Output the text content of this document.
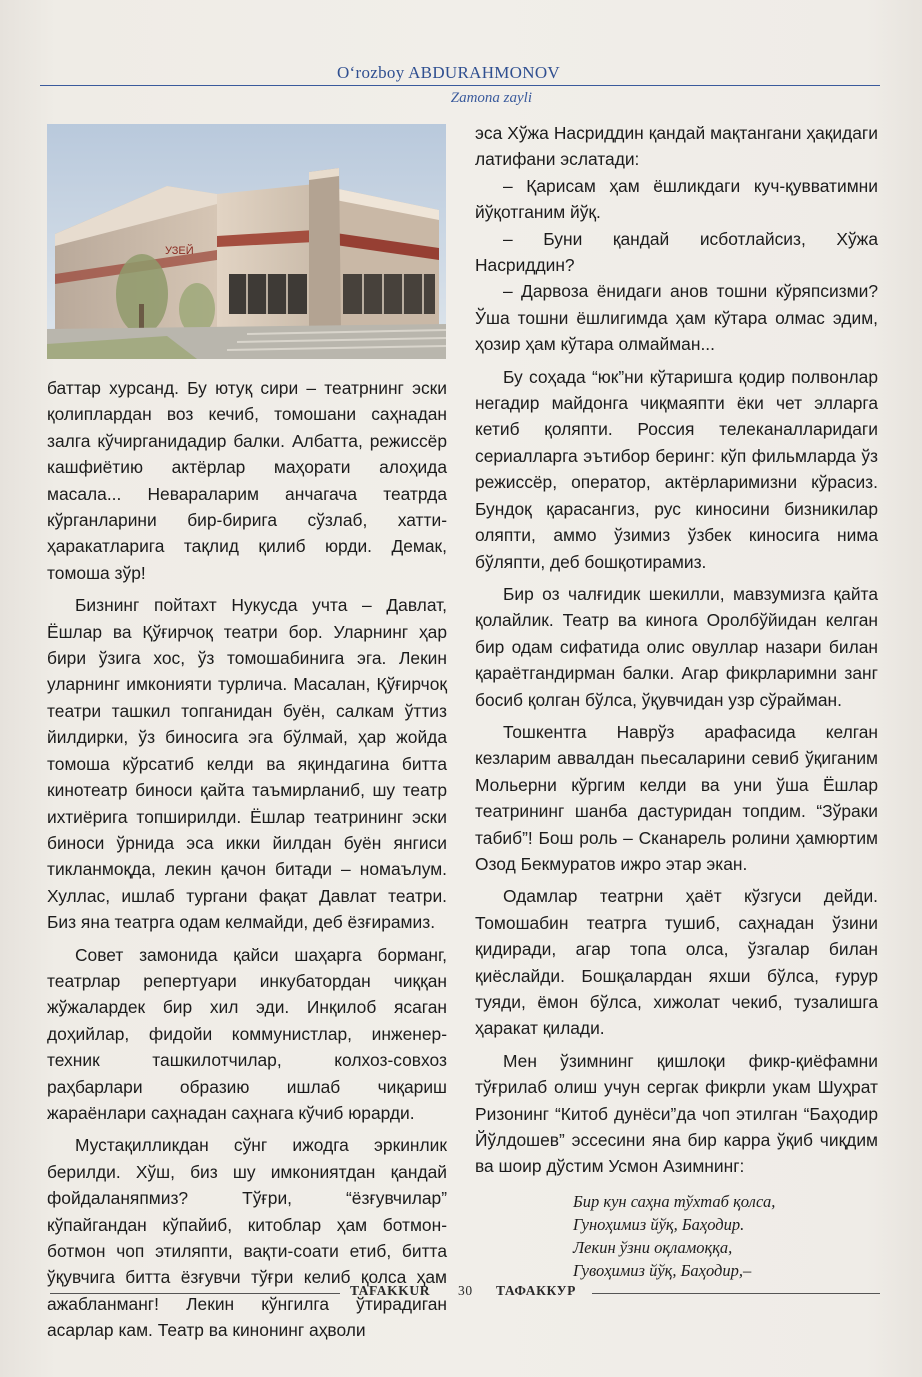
O‘rozboy ABDURAHMONOV
Zamona zayli
УЗЕЙ

баттар хурсанд. Бу ютуқ сири – театрнинг эски қолиплардан воз кечиб, томошани саҳнадан залга кўчирганидадир балки. Албатта, режиссёр кашфиётию актёрлар маҳорати алоҳида масала... Невараларим анчагача театрда кўрганларини бир-бирига сўзлаб, хатти-ҳаракатларига тақлид қилиб юрди. Демак, томоша зўр!

Бизнинг пойтахт Нукусда учта – Давлат, Ёшлар ва Қўғирчоқ театри бор. Уларнинг ҳар бири ўзига хос, ўз томошабинига эга. Лекин уларнинг имконияти турлича. Масалан, Қўғирчоқ театри ташкил топганидан буён, салкам ўттиз йилдирки, ўз биносига эга бўлмай, ҳар жойда томоша кўрсатиб келди ва яқиндагина битта кинотеатр биноси қайта таъмирланиб, шу театр ихтиёрига топширилди. Ёшлар театрининг эски биноси ўрнида эса икки йилдан буён янгиси тикланмоқда, лекин қачон битади – номаълум. Хуллас, ишлаб тургани фақат Давлат театри. Биз яна театрга одам келмайди, деб ёзғирамиз.

Совет замонида қайси шаҳарга борманг, театрлар репертуари инкубатордан чиққан жўжалардек бир хил эди. Инқилоб ясаган доҳийлар, фидойи коммунистлар, инженер-техник ташкилотчилар, колхоз-совхоз раҳбарлари образию ишлаб чиқариш жараёнлари саҳнадан саҳнага кўчиб юрарди.

Мустақилликдан сўнг ижодга эркинлик берилди. Хўш, биз шу имкониятдан қандай фойдаланяпмиз? Тўғри, “ёзғувчилар” кўпайгандан кўпайиб, китоблар ҳам ботмон-ботмон чоп этиляпти, вақти-соати етиб, битта ўқувчига битта ёзғувчи тўғри келиб қолса ҳам ажабланманг! Лекин кўнгилга ўтирадиган асарлар кам. Театр ва кинонинг аҳволи

эса Хўжа Насриддин қандай мақтангани ҳақидаги латифани эслатади:

– Қарисам ҳам ёшликдаги куч-қувватимни йўқотганим йўқ.

– Буни қандай исботлайсиз, Хўжа Насриддин?

– Дарвоза ёнидаги анов тошни кўряпсизми? Ўша тошни ёшлигимда ҳам кўтара олмас эдим, ҳозир ҳам кўтара олмайман...

Бу соҳада “юк”ни кўтаришга қодир полвонлар негадир майдонга чиқмаяпти ёки чет элларга кетиб қоляпти. Россия телеканалларидаги сериалларга эътибор беринг: кўп фильмларда ўз режиссёр, оператор, актёрларимизни кўрасиз. Бундоқ қарасангиз, рус киносини бизникилар оляпти, аммо ўзимиз ўзбек киносига нима бўляпти, деб бошқотирамиз.

Бир оз чалғидик шекилли, мавзумизга қайта қолайлик. Театр ва кинога Оролбўйидан келган бир одам сифатида олис овуллар назари билан қараётгандирман балки. Агар фикрларимни занг босиб қолган бўлса, ўқувчидан узр сўрайман.

Тошкентга Наврўз арафасида келган кезларим аввалдан пьесаларини севиб ўқиганим Мольерни кўргим келди ва уни ўша Ёшлар театрининг шанба дастуридан топдим. “Зўраки табиб”! Бош роль – Сканарель ролини ҳамюртим Озод Бекмуратов ижро этар экан.

Одамлар театрни ҳаёт кўзгуси дейди. Томошабин театрга тушиб, саҳнадан ўзини қидиради, агар топа олса, ўзгалар билан қиёслайди. Бошқалардан яхши бўлса, ғурур туяди, ёмон бўлса, хижолат чекиб, тузалишга ҳаракат қилади.

Мен ўзимнинг қишлоқи фикр-қиёфамни тўғрилаб олиш учун сергак фикрли укам Шуҳрат Ризонинг “Китоб дунёси”да чоп этилган “Баҳодир Йўлдошев” эссесини яна бир карра ўқиб чиқдим ва шоир дўстим Усмон Азимнинг:

Бир кун саҳна тўхтаб қолса,
Гуноҳимиз йўқ, Баҳодир.
Лекин ўзни оқламоққа,
Гувоҳимиз йўқ, Баҳодир,–
TAFAKKUR 30 ТАФАККУР
